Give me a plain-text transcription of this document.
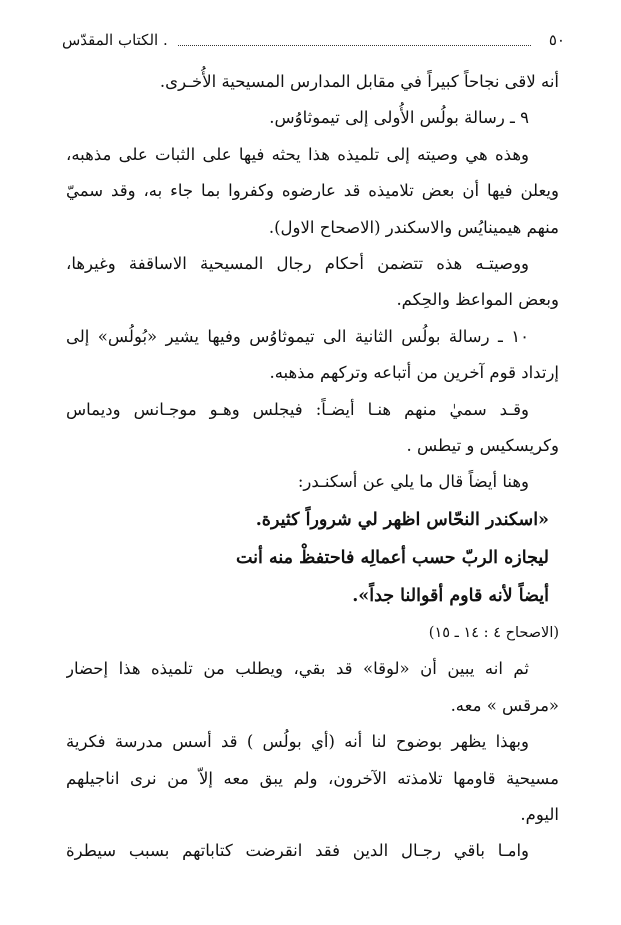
٥٠
. الكتاب المقدّس
أنه لاقى نجاحاً كبيراً في مقابل المدارس المسيحية الأُخـرى.
٩ ـ رسالة بولُس الأُولى إلى تيموثاوُس.
وهذه هي وصيته إلى تلميذه هذا يحثه فيها على الثبات على مذهبه،
ويعلن فيها أن بعض تلاميذه قد عارضوه وكفروا بما جاء به، وقد سميّ
منهم هيمينايُس والاسكندر (الاصحاح الاول).
ووصيتـه هذه تتضمن أحكام رجال المسيحية الاساقفة وغيرها،
وبعض المواعظ والحِكم.
١٠ ـ رسالة بولُس الثانية الى تيموثاوُس وفيها يشير «بُولُس» إلى
إرتداد قوم آخرين من أتباعه وتركهم مذهبه.
وقـد سميٰ منهم هنـا أيضـاً: فيجلس وهـو موجـانس وديماس
وكريسكيس و تيطس .
وهنا أيضاً قال ما يلي عن أسكنـدر:
«اسكندر النحّاس اظهر لي شروراً كثيرة.
ليجازه الربّ حسب أعمالِه فاحتفظْ منه أنت
أيضاً لأنه قاوم أقوالنا جداً».
(الاصحاح ٤ : ١٤ ـ ١٥)
ثم انه يبين أن «لوقا» قد بقي، ويطلب من تلميذه هذا إحضار
«مرقس » معه.
وبهذا يظهر بوضوح لنا أنه (أي بولُس ) قد أسس مدرسة فكرية
مسيحية قاومها تلامذته الآخرون، ولم يبق معه إلاّ من نرى اناجيلهم
اليوم.
وامـا باقي رجـال الدين فقد انقرضت كتاباتهم بسبب سيطرة
